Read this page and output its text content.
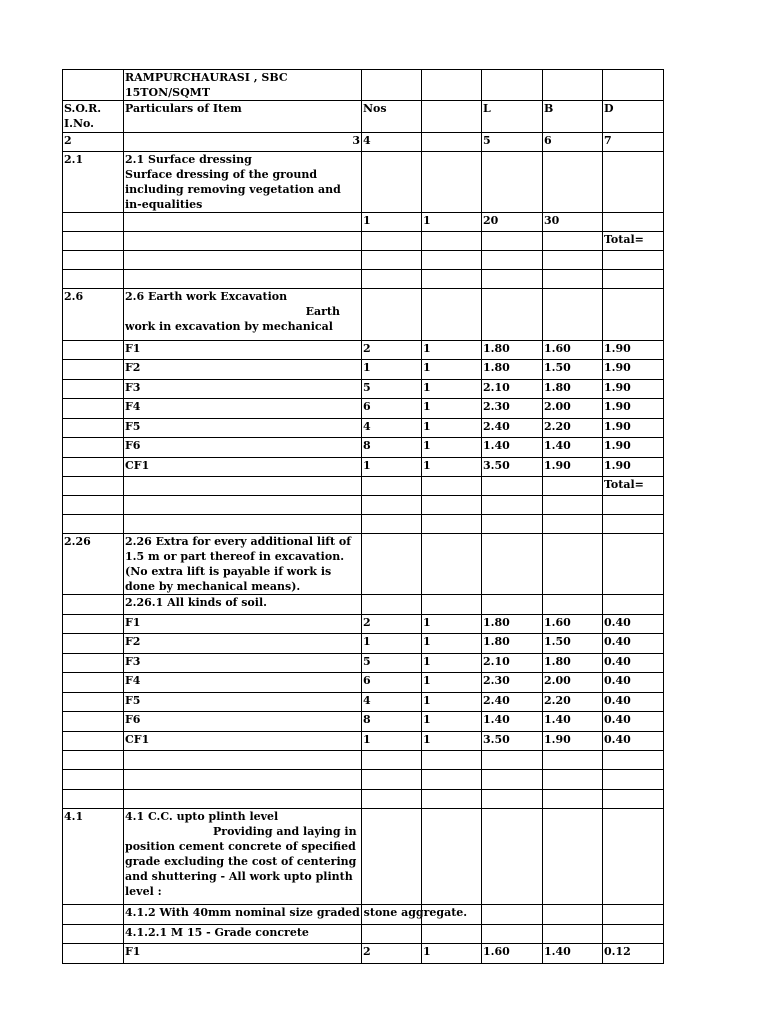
	RAMPURCHAURASI , SBC 15TON/SQMT					
S.O.R. I.No.	Particulars of Item	Nos		L	B	D
2	3	4		5	6	7
2.1	2.1 Surface dressing
Surface dressing of the ground including removing vegetation and in-equalities					

		1	1	20	30	
						Total=

2.6	2.6 Earth work Excavation
Earth
work in excavation by mechanical					

	F1	2	1	1.80	1.60	1.90
	F2	1	1	1.80	1.50	1.90
	F3	5	1	2.10	1.80	1.90
	F4	6	1	2.30	2.00	1.90
	F5	4	1	2.40	2.20	1.90
	F6	8	1	1.40	1.40	1.90
	CF1	1	1	3.50	1.90	1.90
						Total=

2.26	2.26 Extra for every additional lift of 1.5 m or part thereof in excavation. (No extra lift is payable if work is done by mechanical means).					

	2.26.1 All kinds of soil.					
	F1	2	1	1.80	1.60	0.40
	F2	1	1	1.80	1.50	0.40
	F3	5	1	2.10	1.80	0.40
	F4	6	1	2.30	2.00	0.40
	F5	4	1	2.40	2.20	0.40
	F6	8	1	1.40	1.40	0.40
	CF1	1	1	3.50	1.90	0.40

4.1	4.1 C.C. upto plinth level
Providing and laying in
position cement concrete of specified grade excluding the cost of centering and shuttering - All work upto plinth level :					

	4.1.2 With 40mm nominal size graded stone aggregate.					
	4.1.2.1 M 15 - Grade concrete					
	F1	2	1	1.60	1.40	0.12
